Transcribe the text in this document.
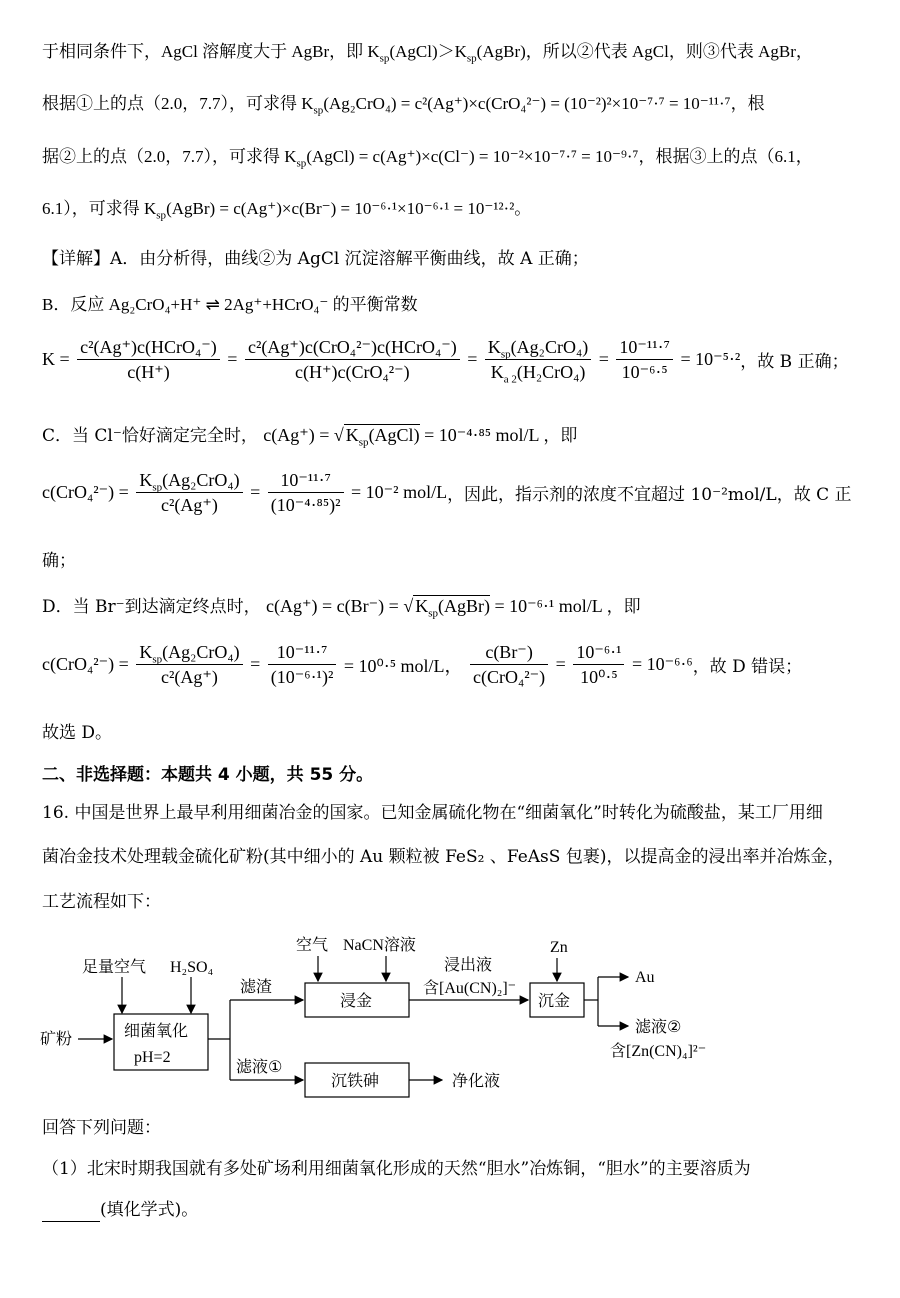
于相同条件下，AgCl 溶解度大于 AgBr，即 $K_{sp}(AgCl)>K_{sp}(AgBr)$，所以②代表 AgCl，则③代表 AgBr，
根据①上的点（2.0，7.7），可求得 $K_{sp}(Ag_2CrO_4) = c^2(Ag^+)\times c(CrO_4^{2-}) = (10^{-2})^2\times 10^{-7}\cdot^7 = 10^{-11}\cdot^7$，根
据②上的点（2.0，7.7），可求得 $K_{sp}(AgCl) = c(Ag^+)\times c(Cl^-) = 10^{-2}\times 10^{-7}\cdot^7 = 10^{-9}\cdot^7$，根据③上的点（6.1，
6.1），可求得 $K_{sp}(AgBr) = c(Ag^+)\times c(Br^-) = 10^{-6}\cdot^1\times 10^{-6}\cdot^1 = 10^{-12}\cdot^2$。
【详解】A．由分析得，曲线②为 AgCl 沉淀溶解平衡曲线，故 A 正确；
B．反应 Ag₂CrO₄+H⁺ ⇌ 2Ag⁺+HCrO₄⁻ 的平衡常数
$K = \frac{\text{c²(Ag⁺)c(HCrO₄⁻)}}{c(H^+)} = \frac{\text{c²(Ag⁺)c(CrO₄²⁻)c(HCrO₄⁻)}}{\text{c(H⁺)c(CrO₄²⁻)}} = \frac{K_{sp}(Ag_2CrO_4)}{K_{a 2}(H_2CrO_4)} = \frac{\text{10⁻¹¹·⁷}}{\text{10⁻⁶·⁵}} = 10^{-5}\cdot^2$，故 B 正确；
C．当 Cl⁻恰好滴定完全时， c(Ag⁺) = √ $K_{sp}(AgCl) = 10^{-4}\cdot^{85}$ mol/L ，即
$c(CrO_4^{2-}) = \frac{K_{sp}(Ag_2CrO_4)}{\text{c²(Ag⁺)}} = \frac{\text{10⁻¹¹·⁷}}{\text{(10⁻⁴·⁸⁵)²}} = 10^{-2}$ mol/L，因此，指示剂的浓度不宜超过 10⁻²mol/L，故 C 正
确；
D．当 Br⁻到达滴定终点时， c(Ag⁺) = c(Br⁻) = √ $K_{sp}(AgBr) = 10^{-6}\cdot^1$ mol/L ，即
$c(CrO_4^{2-}) = \frac{K_{sp}(Ag_2CrO_4)}{\text{c²(Ag⁺)}} = \frac{\text{10⁻¹¹·⁷}}{\text{(10⁻⁶·¹)²}} = 10^0\cdot^5$ mol/L， $\frac{c(Br^-)}{\text{c(CrO₄²⁻)}} = \frac{\text{10⁻⁶·¹}}{\text{10⁰·⁵}} = 10^{-6}\cdot^6$，故 D 错误；
故选 D。
二、非选择题：本题共 4 小题，共 55 分。
16. 中国是世界上最早利用细菌冶金的国家。已知金属硫化物在“细菌氧化”时转化为硫酸盐，某工厂用细
菌冶金技术处理载金硫化矿粉(其中细小的 Au 颗粒被 FeS₂ 、FeAsS 包裹)，以提高金的浸出率并冶炼金，
工艺流程如下：
足量空气 H₂SO₄
矿粉	细菌氧化
pH=2
滤渣
滤液①
空气 NaCN溶液
浸金
浸出液
含[Au(CN)₂]⁻
Zn
沉金
Au
滤液②
含[Zn(CN)₄]²⁻
沉铁砷	净化液
回答下列问题：
（1）北宋时期我国就有多处矿场利用细菌氧化形成的天然“胆水”冶炼铜，“胆水”的主要溶质为
(填化学式)。
